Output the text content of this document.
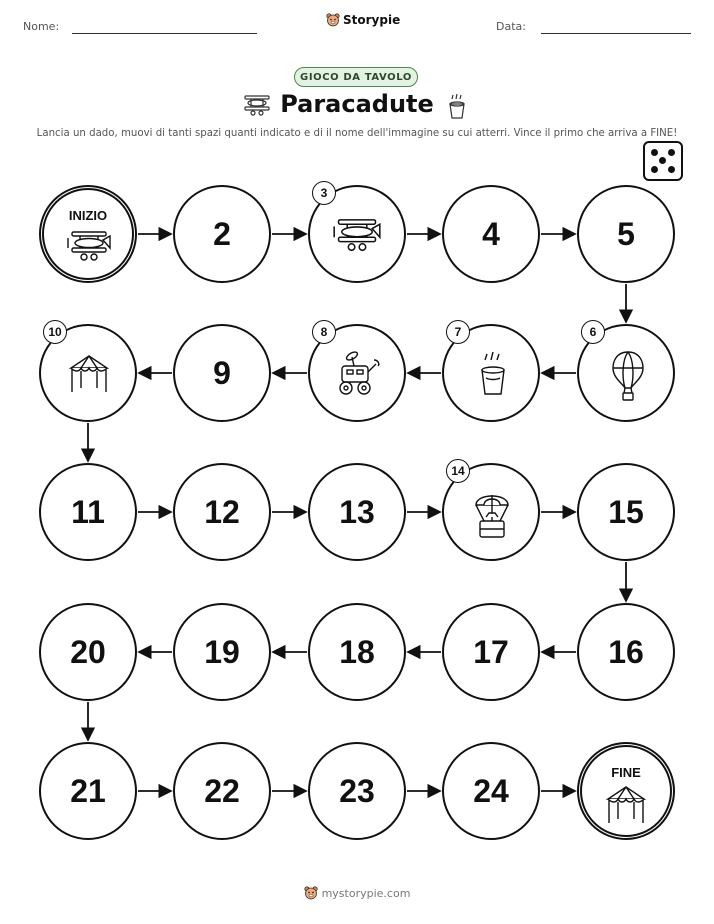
Nome:	Storypie	Data:
GIOCO DA TAVOLO
Paracadute
Lancia un dado, muovi di tanti spazi quanti indicato e di il nome dell'immagine su cui atterri. Vince il primo che arriva a FINE!
INIZIO	2	4	5
9
11	12	13	15
16
17
18
19
20
21	22	23	24	FINE
3
6
7
8
10
14
mystorypie.com
